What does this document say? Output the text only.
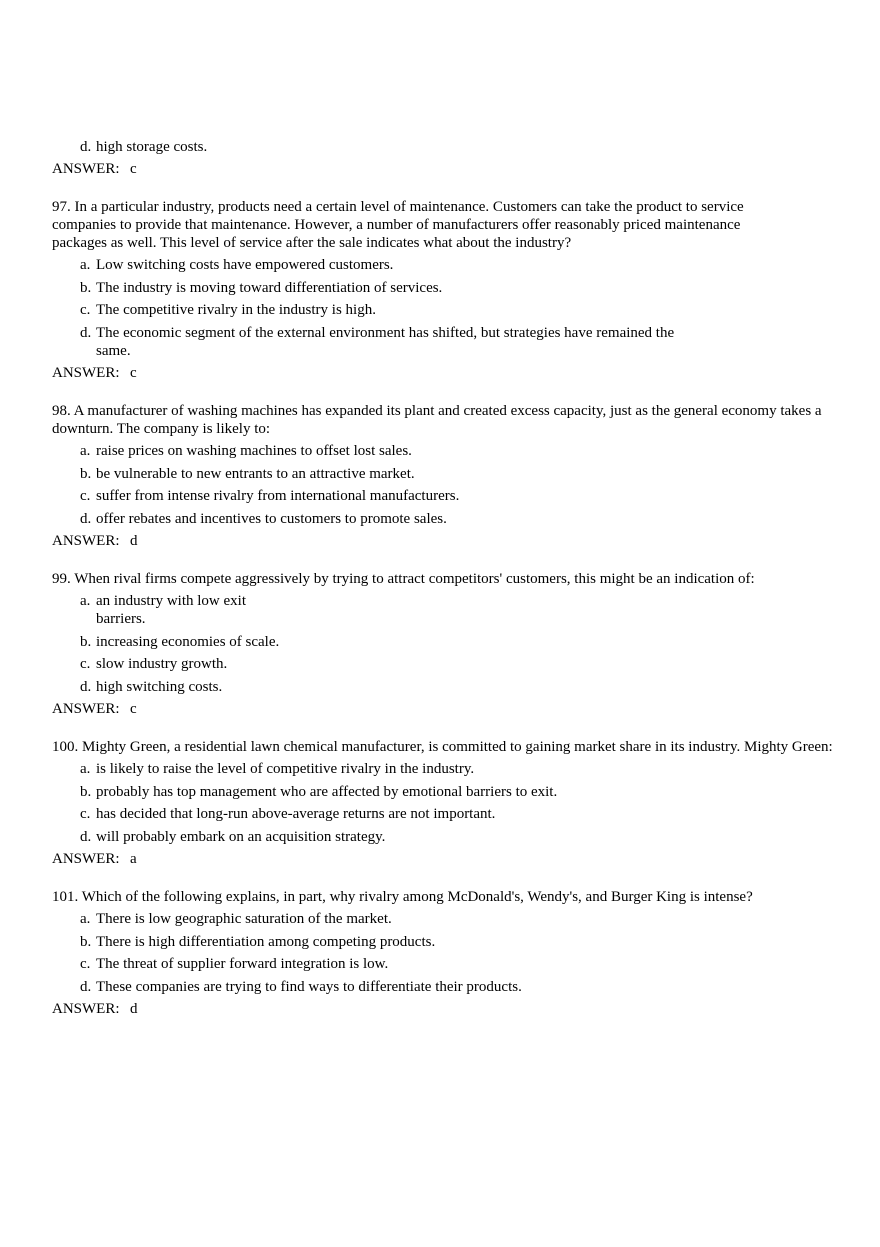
d. high storage costs.
ANSWER: c
97. In a particular industry, products need a certain level of maintenance. Customers can take the product to service companies to provide that maintenance. However, a number of manufacturers offer reasonably priced maintenance packages as well. This level of service after the sale indicates what about the industry?
a. Low switching costs have empowered customers.
b. The industry is moving toward differentiation of services.
c. The competitive rivalry in the industry is high.
d. The economic segment of the external environment has shifted, but strategies have remained the same.
ANSWER: c
98. A manufacturer of washing machines has expanded its plant and created excess capacity, just as the general economy takes a downturn. The company is likely to:
a. raise prices on washing machines to offset lost sales.
b. be vulnerable to new entrants to an attractive market.
c. suffer from intense rivalry from international manufacturers.
d. offer rebates and incentives to customers to promote sales.
ANSWER: d
99. When rival firms compete aggressively by trying to attract competitors' customers, this might be an indication of:
a. an industry with low exit barriers.
b. increasing economies of scale.
c. slow industry growth.
d. high switching costs.
ANSWER: c
100. Mighty Green, a residential lawn chemical manufacturer, is committed to gaining market share in its industry. Mighty Green:
a. is likely to raise the level of competitive rivalry in the industry.
b. probably has top management who are affected by emotional barriers to exit.
c. has decided that long-run above-average returns are not important.
d. will probably embark on an acquisition strategy.
ANSWER: a
101. Which of the following explains, in part, why rivalry among McDonald's, Wendy's, and Burger King is intense?
a. There is low geographic saturation of the market.
b. There is high differentiation among competing products.
c. The threat of supplier forward integration is low.
d. These companies are trying to find ways to differentiate their products.
ANSWER: d
